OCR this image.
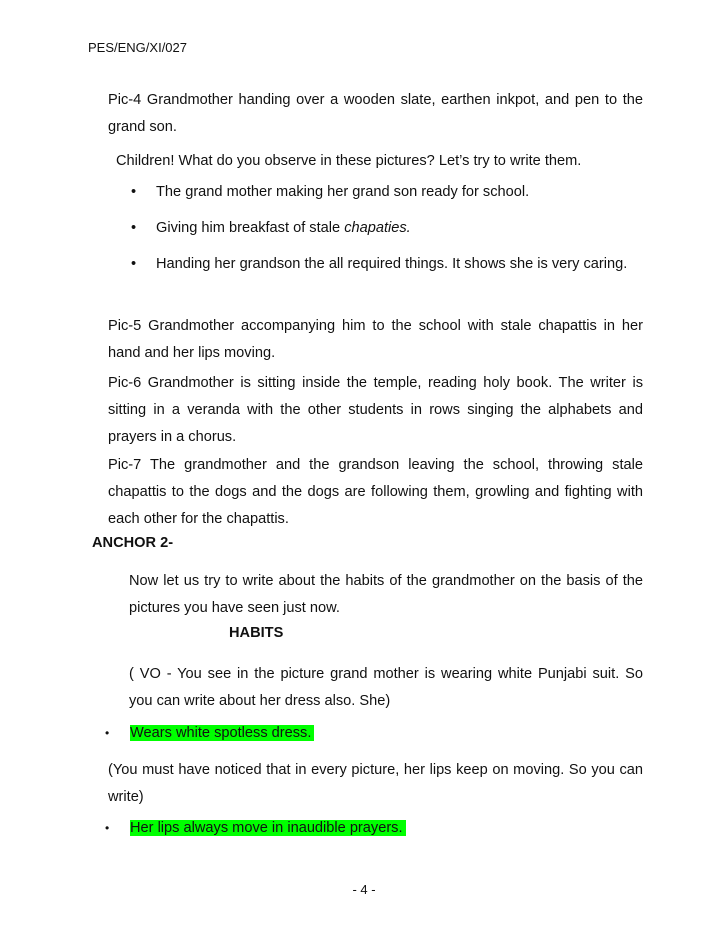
PES/ENG/XI/027
Pic-4 Grandmother handing over a wooden slate, earthen inkpot, and pen to the grand son.
Children! What do you observe in these pictures? Let’s try to write them.
•	The grand mother making her grand son ready for school.
•	Giving him breakfast of stale chapaties.
•	Handing her grandson the all required things. It shows she is very caring.
Pic-5 Grandmother accompanying him to the school with stale chapattis in her hand and her lips moving.
Pic-6 Grandmother is sitting inside the temple, reading holy book. The writer is sitting in a veranda with the other students in rows singing the alphabets and prayers in a chorus.
Pic-7 The grandmother and the grandson leaving the school, throwing stale chapattis to the dogs and the dogs are following them, growling and fighting with each other for the chapattis.
ANCHOR 2-
Now let us try to write about the habits of the grandmother on the basis of the pictures you have seen just now.
HABITS
( VO - You see in the picture grand mother is wearing white Punjabi suit. So you can write about her dress also. She)
• Wears white spotless dress.
(You must have noticed that in every picture, her lips keep on moving. So you can write)
• Her lips always move in inaudible prayers.
- 4 -
